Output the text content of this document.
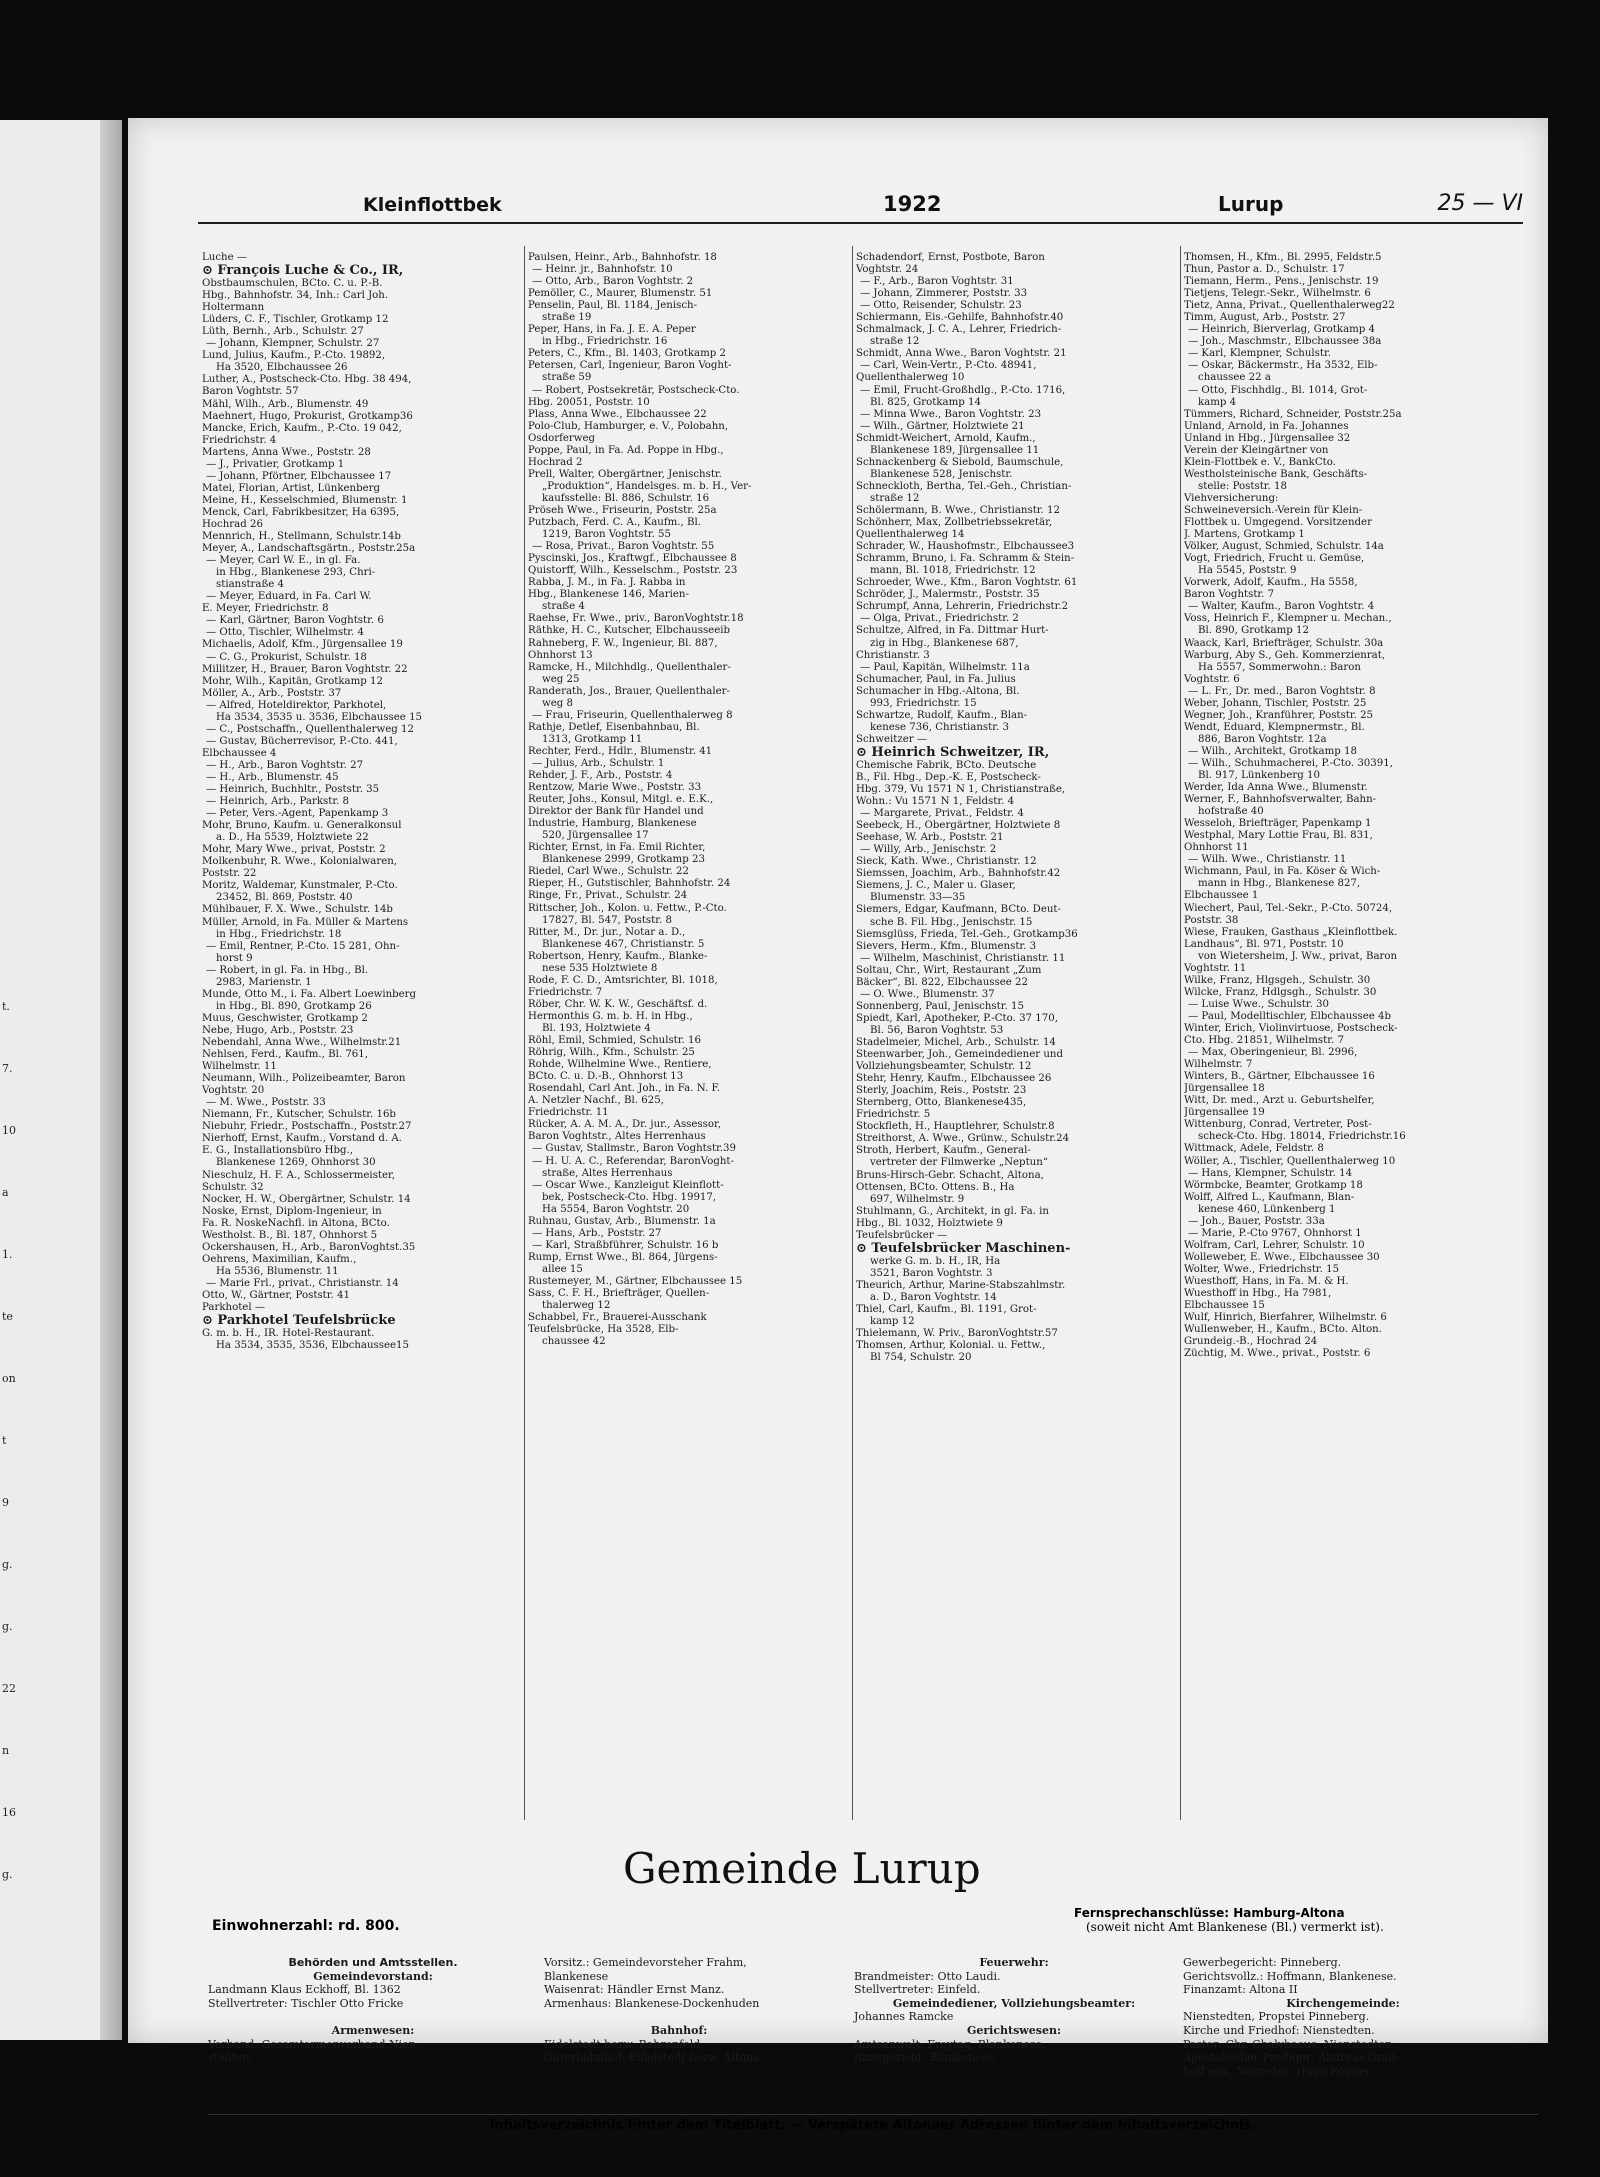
t.
7.
10
a
1.
te
on
t
9
g.
g.
22
n
16
g.
Kleinflottbek	1922	Lurup	25 — VI
Luche —
⊙ François Luche & Co., IR,
Obstbaumschulen, BCto. C. u. P.-B.
Hbg., Bahnhofstr. 34, Inh.: Carl Joh.
Holtermann
Lüders, C. F., Tischler, Grotkamp 12
Lüth, Bernh., Arb., Schulstr. 27
— Johann, Klempner, Schulstr. 27
Lund, Julius, Kaufm., P.-Cto. 19892,
Ha 3520, Elbchaussee 26
Luther, A., Postscheck-Cto. Hbg. 38 494,
Baron Voghtstr. 57
Mähl, Wilh., Arb., Blumenstr. 49
Maehnert, Hugo, Prokurist, Grotkamp36
Mancke, Erich, Kaufm., P.-Cto. 19 042,
Friedrichstr. 4
Martens, Anna Wwe., Poststr. 28
— J., Privatier, Grotkamp 1
— Johann, Pförtner, Elbchaussee 17
Matei, Florian, Artist, Lünkenberg
Meine, H., Kesselschmied, Blumenstr. 1
Menck, Carl, Fabrikbesitzer, Ha 6395,
Hochrad 26
Mennrich, H., Stellmann, Schulstr.14b
Meyer, A., Landschaftsgärtn., Poststr.25a
— Meyer, Carl W. E., in gl. Fa.
in Hbg., Blankenese 293, Chri-
stianstraße 4
— Meyer, Eduard, in Fa. Carl W.
E. Meyer, Friedrichstr. 8
— Karl, Gärtner, Baron Voghtstr. 6
— Otto, Tischler, Wilhelmstr. 4
Michaelis, Adolf, Kfm., Jürgensallee 19
— C. G., Prokurist, Schulstr. 18
Millitzer, H., Brauer, Baron Voghtstr. 22
Mohr, Wilh., Kapitän, Grotkamp 12
Möller, A., Arb., Poststr. 37
— Alfred, Hoteldirektor, Parkhotel,
Ha 3534, 3535 u. 3536, Elbchaussee 15
— C., Postschaffn., Quellenthalerweg 12
— Gustav, Bücherrevisor, P.-Cto. 441,
Elbchaussee 4
— H., Arb., Baron Voghtstr. 27
— H., Arb., Blumenstr. 45
— Heinrich, Buchhltr., Poststr. 35
— Heinrich, Arb., Parkstr. 8
— Peter, Vers.-Agent, Papenkamp 3
Mohr, Bruno, Kaufm. u. Generalkonsul
a. D., Ha 5539, Holztwiete 22
Mohr, Mary Wwe., privat, Poststr. 2
Molkenbuhr, R. Wwe., Kolonialwaren,
Poststr. 22
Moritz, Waldemar, Kunstmaler, P.-Cto.
23452, Bl. 869, Poststr. 40
Mühlbauer, F. X. Wwe., Schulstr. 14b
Müller, Arnold, in Fa. Müller & Martens
in Hbg., Friedrichstr. 18
— Emil, Rentner, P.-Cto. 15 281, Ohn-
horst 9
— Robert, in gl. Fa. in Hbg., Bl.
2983, Marienstr. 1
Munde, Otto M., i. Fa. Albert Loewinberg
in Hbg., Bl. 890, Grotkamp 26
Muus, Geschwister, Grotkamp 2
Nebe, Hugo, Arb., Poststr. 23
Nebendahl, Anna Wwe., Wilhelmstr.21
Nehlsen, Ferd., Kaufm., Bl. 761,
Wilhelmstr. 11
Neumann, Wilh., Polizeibeamter, Baron
Voghtstr. 20
— M. Wwe., Poststr. 33
Niemann, Fr., Kutscher, Schulstr. 16b
Niebuhr, Friedr., Postschaffn., Poststr.27
Nierhoff, Ernst, Kaufm., Vorstand d. A.
E. G., Installationsbüro Hbg.,
Blankenese 1269, Ohnhorst 30
Nieschulz, H. F. A., Schlossermeister,
Schulstr. 32
Nocker, H. W., Obergärtner, Schulstr. 14
Noske, Ernst, Diplom-Ingenieur, in
Fa. R. NoskeNachfl. in Altona, BCto.
Westholst. B., Bl. 187, Ohnhorst 5
Ockershausen, H., Arb., BaronVoghtst.35
Oehrens, Maximilian, Kaufm.,
Ha 5536, Blumenstr. 11
— Marie Frl., privat., Christianstr. 14
Otto, W., Gärtner, Poststr. 41
Parkhotel —
⊙ Parkhotel Teufelsbrücke
G. m. b. H., IR. Hotel-Restaurant.
Ha 3534, 3535, 3536, Elbchaussee15
Paulsen, Heinr., Arb., Bahnhofstr. 18
— Heinr. jr., Bahnhofstr. 10
— Otto, Arb., Baron Voghtstr. 2
Pemöller, C., Maurer, Blumenstr. 51
Penselin, Paul, Bl. 1184, Jenisch-
straße 19
Peper, Hans, in Fa. J. E. A. Peper
in Hbg., Friedrichstr. 16
Peters, C., Kfm., Bl. 1403, Grotkamp 2
Petersen, Carl, Ingenieur, Baron Voght-
straße 59
— Robert, Postsekretär, Postscheck-Cto.
Hbg. 20051, Poststr. 10
Plass, Anna Wwe., Elbchaussee 22
Polo-Club, Hamburger, e. V., Polobahn,
Osdorferweg
Poppe, Paul, in Fa. Ad. Poppe in Hbg.,
Hochrad 2
Prell, Walter, Obergärtner, Jenischstr.
„Produktion“, Handelsges. m. b. H., Ver-
kaufsstelle: Bl. 886, Schulstr. 16
Pröseh Wwe., Friseurin, Poststr. 25a
Putzbach, Ferd. C. A., Kaufm., Bl.
1219, Baron Voghtstr. 55
— Rosa, Privat., Baron Voghtstr. 55
Pyscinski, Jos., Kraftwgf., Elbchaussee 8
Quistorff, Wilh., Kesselschm., Poststr. 23
Rabba, J. M., in Fa. J. Rabba in
Hbg., Blankenese 146, Marien-
straße 4
Raehse, Fr. Wwe., priv., BaronVoghtstr.18
Räthke, H. C., Kutscher, Elbchausseeib
Rahneberg, F. W., Ingenieur, Bl. 887,
Ohnhorst 13
Ramcke, H., Milchhdlg., Quellenthaler-
weg 25
Randerath, Jos., Brauer, Quellenthaler-
weg 8
— Frau, Friseurin, Quellenthalerweg 8
Rathje, Detlef, Eisenbahnbau, Bl.
1313, Grotkamp 11
Rechter, Ferd., Hdlr., Blumenstr. 41
— Julius, Arb., Schulstr. 1
Rehder, J. F., Arb., Poststr. 4
Rentzow, Marie Wwe., Poststr. 33
Reuter, Johs., Konsul, Mitgl. e. E.K.,
Direktor der Bank für Handel und
Industrie, Hamburg, Blankenese
520, Jürgensallee 17
Richter, Ernst, in Fa. Emil Richter,
Blankenese 2999, Grotkamp 23
Riedel, Carl Wwe., Schulstr. 22
Rieper, H., Gutstischler, Bahnhofstr. 24
Ringe, Fr., Privat., Schulstr. 24
Rittscher, Joh., Kolon. u. Fettw., P.-Cto.
17827, Bl. 547, Poststr. 8
Ritter, M., Dr. jur., Notar a. D.,
Blankenese 467, Christianstr. 5
Robertson, Henry, Kaufm., Blanke-
nese 535 Holztwiete 8
Rode, F. C. D., Amtsrichter, Bl. 1018,
Friedrichstr. 7
Röber, Chr. W. K. W., Geschäftsf. d.
Hermonthis G. m. b. H. in Hbg.,
Bl. 193, Holztwiete 4
Röhl, Emil, Schmied, Schulstr. 16
Röhrig, Wilh., Kfm., Schulstr. 25
Rohde, Wilhelmine Wwe., Rentiere,
BCto. C. u. D.-B., Ohnhorst 13
Rosendahl, Carl Ant. Joh., in Fa. N. F.
A. Netzler Nachf., Bl. 625,
Friedrichstr. 11
Rücker, A. A. M. A., Dr. jur., Assessor,
Baron Voghtstr., Altes Herrenhaus
— Gustav, Stallmstr., Baron Voghtstr.39
— H. U. A. C., Referendar, BaronVoght-
straße, Altes Herrenhaus
— Oscar Wwe., Kanzleigut Kleinflott-
bek, Postscheck-Cto. Hbg. 19917,
Ha 5554, Baron Voghtstr. 20
Ruhnau, Gustav, Arb., Blumenstr. 1a
— Hans, Arb., Poststr. 27
— Karl, Straßbführer, Schulstr. 16 b
Rump, Ernst Wwe., Bl. 864, Jürgens-
allee 15
Rustemeyer, M., Gärtner, Elbchaussee 15
Sass, C. F. H., Briefträger, Quellen-
thalerweg 12
Schabbel, Fr., Brauerei-Ausschank
Teufelsbrücke, Ha 3528, Elb-
chaussee 42
Schadendorf, Ernst, Postbote, Baron
Voghtstr. 24
— F., Arb., Baron Voghtstr. 31
— Johann, Zimmerer, Poststr. 33
— Otto, Reisender, Schulstr. 23
Schiermann, Eis.-Gehilfe, Bahnhofstr.40
Schmalmack, J. C. A., Lehrer, Friedrich-
straße 12
Schmidt, Anna Wwe., Baron Voghtstr. 21
— Carl, Wein-Vertr., P.-Cto. 48941,
Quellenthalerweg 10
— Emil, Frucht-Großhdlg., P.-Cto. 1716,
Bl. 825, Grotkamp 14
— Minna Wwe., Baron Voghtstr. 23
— Wilh., Gärtner, Holztwiete 21
Schmidt-Weichert, Arnold, Kaufm.,
Blankenese 189, Jürgensallee 11
Schnackenberg & Siebold, Baumschule,
Blankenese 528, Jenischstr.
Schneckloth, Bertha, Tel.-Geh., Christian-
straße 12
Schölermann, B. Wwe., Christianstr. 12
Schönherr, Max, Zollbetriebssekretär,
Quellenthalerweg 14
Schrader, W., Haushofmstr., Elbchaussee3
Schramm, Bruno, i. Fa. Schramm & Stein-
mann, Bl. 1018, Friedrichstr. 12
Schroeder, Wwe., Kfm., Baron Voghtstr. 61
Schröder, J., Malermstr., Poststr. 35
Schrumpf, Anna, Lehrerin, Friedrichstr.2
— Olga, Privat., Friedrichstr. 2
Schultze, Alfred, in Fa. Dittmar Hurt-
zig in Hbg., Blankenese 687,
Christianstr. 3
— Paul, Kapitän, Wilhelmstr. 11a
Schumacher, Paul, in Fa. Julius
Schumacher in Hbg.-Altona, Bl.
993, Friedrichstr. 15
Schwartze, Rudolf, Kaufm., Blan-
kenese 736, Christianstr. 3
Schweitzer —
⊙ Heinrich Schweitzer, IR,
Chemische Fabrik, BCto. Deutsche
B., Fil. Hbg., Dep.-K. E, Postscheck-
Hbg. 379, Vu 1571 N 1, Christianstraße,
Wohn.: Vu 1571 N 1, Feldstr. 4
— Margarete, Privat., Feldstr. 4
Seebeck, H., Obergärtner, Holztwiete 8
Seehase, W. Arb., Poststr. 21
— Willy, Arb., Jenischstr. 2
Sieck, Kath. Wwe., Christianstr. 12
Siemssen, Joachim, Arb., Bahnhofstr.42
Siemens, J. C., Maler u. Glaser,
Blumenstr. 33—35
Siemers, Edgar, Kaufmann, BCto. Deut-
sche B. Fil. Hbg., Jenischstr. 15
Siemsglüss, Frieda, Tel.-Geh., Grotkamp36
Sievers, Herm., Kfm., Blumenstr. 3
— Wilhelm, Maschinist, Christianstr. 11
Soltau, Chr., Wirt, Restaurant „Zum
Bäcker“, Bl. 822, Elbchaussee 22
— O. Wwe., Blumenstr. 37
Sonnenberg, Paul, Jenischstr. 15
Spiedt, Karl, Apotheker, P.-Cto. 37 170,
Bl. 56, Baron Voghtstr. 53
Stadelmeier, Michel, Arb., Schulstr. 14
Steenwarber, Joh., Gemeindediener und
Vollziehungsbeamter, Schulstr. 12
Stehr, Henry, Kaufm., Elbchaussee 26
Sterly, Joachim, Reis., Poststr. 23
Sternberg, Otto, Blankenese435,
Friedrichstr. 5
Stockfleth, H., Hauptlehrer, Schulstr.8
Streithorst, A. Wwe., Grünw., Schulstr.24
Stroth, Herbert, Kaufm., General-
vertreter der Filmwerke „Neptun“
Bruns-Hirsch-Gebr. Schacht, Altona,
Ottensen, BCto. Ottens. B., Ha
697, Wilhelmstr. 9
Stuhlmann, G., Architekt, in gl. Fa. in
Hbg., Bl. 1032, Holztwiete 9
Teufelsbrücker —
⊙ Teufelsbrücker Maschinen-
werke G. m. b. H., IR, Ha
3521, Baron Voghtstr. 3
Theurich, Arthur, Marine-Stabszahlmstr.
a. D., Baron Voghtstr. 14
Thiel, Carl, Kaufm., Bl. 1191, Grot-
kamp 12
Thielemann, W. Priv., BaronVoghtstr.57
Thomsen, Arthur, Kolonial. u. Fettw.,
Bl 754, Schulstr. 20
Thomsen, H., Kfm., Bl. 2995, Feldstr.5
Thun, Pastor a. D., Schulstr. 17
Tiemann, Herm., Pens., Jenischstr. 19
Tietjens, Telegr.-Sekr., Wilhelmstr. 6
Tietz, Anna, Privat., Quellenthalerweg22
Timm, August, Arb., Poststr. 27
— Heinrich, Bierverlag, Grotkamp 4
— Joh., Maschmstr., Elbchaussee 38a
— Karl, Klempner, Schulstr.
— Oskar, Bäckermstr., Ha 3532, Elb-
chaussee 22 a
— Otto, Fischhdlg., Bl. 1014, Grot-
kamp 4
Tümmers, Richard, Schneider, Poststr.25a
Unland, Arnold, in Fa. Johannes
Unland in Hbg., Jürgensallee 32
Verein der Kleingärtner von
Klein-Flottbek e. V., BankCto.
Westholsteinische Bank, Geschäfts-
stelle: Poststr. 18
Viehversicherung:
Schweineversich.-Verein für Klein-
Flottbek u. Umgegend. Vorsitzender
J. Martens, Grotkamp 1
Völker, August, Schmied, Schulstr. 14a
Vogt, Friedrich, Frucht u. Gemüse,
Ha 5545, Poststr. 9
Vorwerk, Adolf, Kaufm., Ha 5558,
Baron Voghtstr. 7
— Walter, Kaufm., Baron Voghtstr. 4
Voss, Heinrich F., Klempner u. Mechan.,
Bl. 890, Grotkamp 12
Waack, Karl, Briefträger, Schulstr. 30a
Warburg, Aby S., Geh. Kommerzienrat,
Ha 5557, Sommerwohn.: Baron
Voghtstr. 6
— L. Fr., Dr. med., Baron Voghtstr. 8
Weber, Johann, Tischler, Poststr. 25
Wegner, Joh., Kranführer, Poststr. 25
Wendt, Eduard, Klempnermstr., Bl.
886, Baron Voghtstr. 12a
— Wilh., Architekt, Grotkamp 18
— Wilh., Schuhmacherei, P.-Cto. 30391,
Bl. 917, Lünkenberg 10
Werder, Ida Anna Wwe., Blumenstr.
Werner, F., Bahnhofsverwalter, Bahn-
hofstraße 40
Wesseloh, Briefträger, Papenkamp 1
Westphal, Mary Lottie Frau, Bl. 831,
Ohnhorst 11
— Wilh. Wwe., Christianstr. 11
Wichmann, Paul, in Fa. Köser & Wich-
mann in Hbg., Blankenese 827,
Elbchaussee 1
Wiechert, Paul, Tel.-Sekr., P.-Cto. 50724,
Poststr. 38
Wiese, Frauken, Gasthaus „Kleinflottbek.
Landhaus“, Bl. 971, Poststr. 10
von Wietersheim, J. Ww., privat, Baron
Voghtstr. 11
Wilke, Franz, Hlgsgeh., Schulstr. 30
Wilcke, Franz, Hdlgsgh., Schulstr. 30
— Luise Wwe., Schulstr. 30
— Paul, Modelltischler, Elbchaussee 4b
Winter, Erich, Violinvirtuose, Postscheck-
Cto. Hbg. 21851, Wilhelmstr. 7
— Max, Oberingenieur, Bl. 2996,
Wilhelmstr. 7
Winters, B., Gärtner, Elbchaussee 16
Jürgensallee 18
Witt, Dr. med., Arzt u. Geburtshelfer,
Jürgensallee 19
Wittenburg, Conrad, Vertreter, Post-
scheck-Cto. Hbg. 18014, Friedrichstr.16
Wittmack, Adele, Feldstr. 8
Wöller, A., Tischler, Quellenthalerweg 10
— Hans, Klempner, Schulstr. 14
Wörmbcke, Beamter, Grotkamp 18
Wolff, Alfred L., Kaufmann, Blan-
kenese 460, Lünkenberg 1
— Joh., Bauer, Poststr. 33a
— Marie, P.-Cto 9767, Ohnhorst 1
Wolfram, Carl, Lehrer, Schulstr. 10
Wolleweber, E. Wwe., Elbchaussee 30
Wolter, Wwe., Friedrichstr. 15
Wuesthoff, Hans, in Fa. M. & H.
Wuesthoff in Hbg., Ha 7981,
Elbchaussee 15
Wulf, Hinrich, Bierfahrer, Wilhelmstr. 6
Wullenweber, H., Kaufm., BCto. Alton.
Grundeig.-B., Hochrad 24
Züchtig, M. Wwe., privat., Poststr. 6
Gemeinde Lurup
Einwohnerzahl: rd. 800.
Fernsprechanschlüsse: Hamburg-Altona
(soweit nicht Amt Blankenese (Bl.) vermerkt ist).
Behörden und Amtsstellen.
Gemeindevorstand:
Landmann Klaus Eckhoff, Bl. 1362
Stellvertreter: Tischler Otto Fricke

Armenwesen:
Verband: Gesamtarmenverband Nien-
stedten.
Vorsitz.: Gemeindevorsteher Frahm,
Blankenese
Waisenrat: Händler Ernst Manz.
Armenhaus: Blankenese-Dockenhuden

Bahnhof:
Eidelstedt bezw. Bahrenfeld.
Güterbahnhof: Eidelstedt bezw. Altona.
Feuerwehr:
Brandmeister: Otto Laudi.
Stellvertreter: Einfeld.
Gemeindediener, Vollziehungsbeamter:
Johannes Ramcke
Gerichtswesen:
Amtsanwalt: Freytag, Blankenese.
Amtsgericht: Blankenese.
Gewerbegericht: Pinneberg.
Gerichtsvollz.: Hoffmann, Blankenese.
Finanzamt: Altona II
Kirchengemeinde:
Nienstedten, Propstei Pinneberg.
Kirche und Friedhof: Nienstedten.
Pastor: Chr. Chalybaeus, Nienstedten.
Apostolischer Prediger: Andreas Graß-
hoff sen., Vertreter: Hugo Rögner.
Inhaltsverzeichnis hinter dem Titelblatt. — Verspätete Altonaer Adressen hinter dem Inhaltsverzeichnis.
